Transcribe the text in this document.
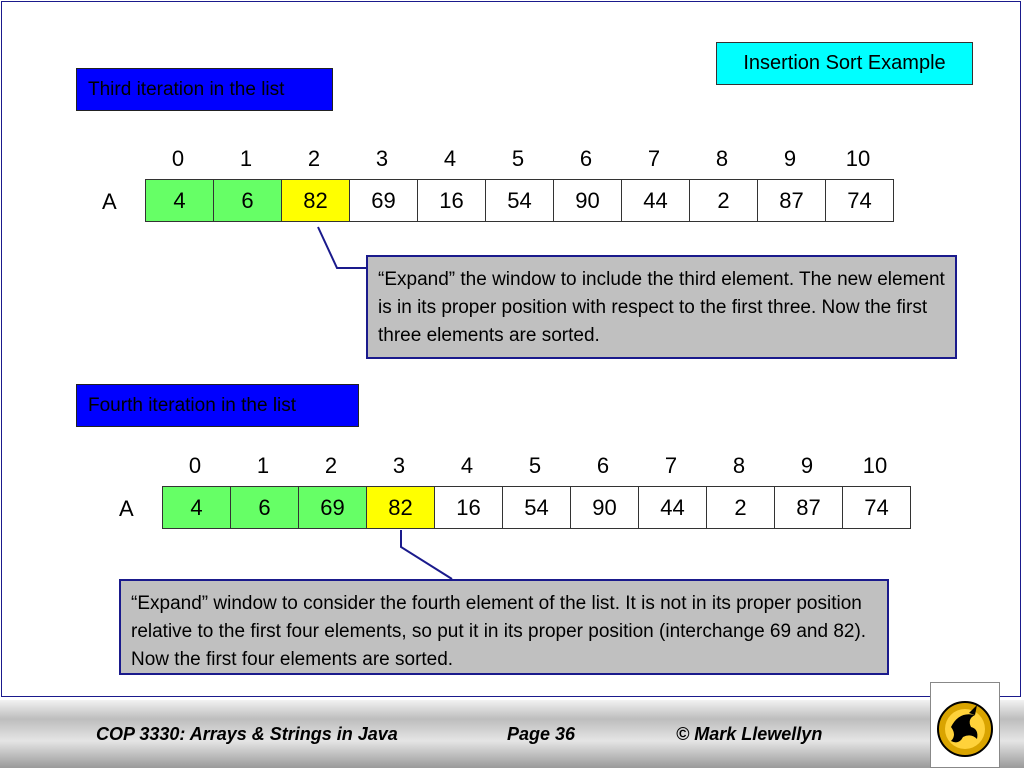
Insertion Sort Example
Third iteration in the list
0	1	2	3	4	5	6	7	8	9	10
A	4	6	82	69	16	54	90	44	2	87	74
“Expand” the window to include the third element. The new element is in its proper position with respect to the first three. Now the first three elements are sorted.
Fourth iteration in the list
0	1	2	3	4	5	6	7	8	9	10
A	4	6	69	82	16	54	90	44	2	87	74
“Expand” window to consider the fourth element of the list. It is not in its proper position relative to the first four elements, so put it in its proper position (interchange 69 and 82). Now the first four elements are sorted.
COP 3330: Arrays & Strings in Java	Page 36	© Mark Llewellyn
